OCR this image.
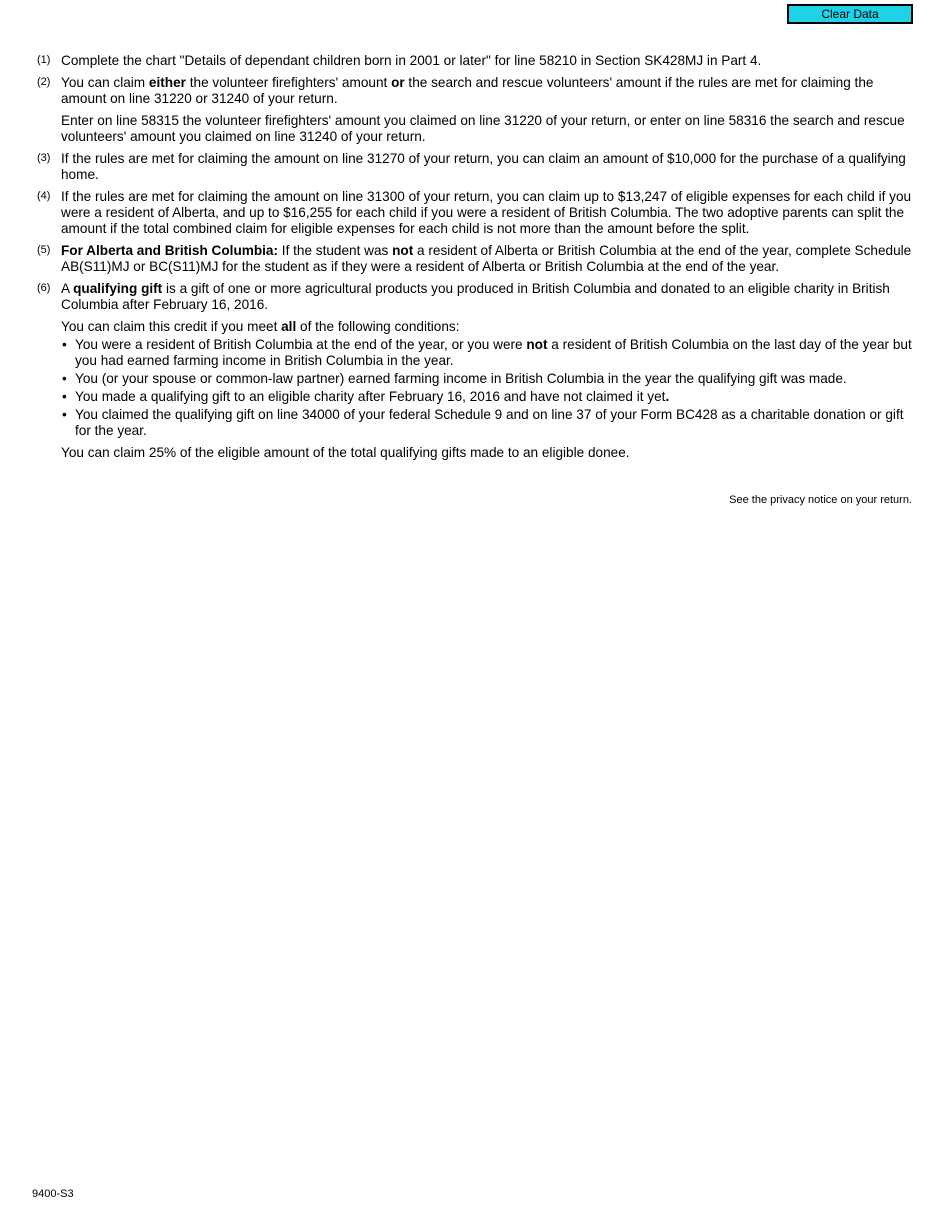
Clear Data
(1) Complete the chart "Details of dependant children born in 2001 or later" for line 58210 in Section SK428MJ in Part 4.

(2) You can claim either the volunteer firefighters' amount or the search and rescue volunteers' amount if the rules are met for claiming the amount on line 31220 or 31240 of your return.

Enter on line 58315 the volunteer firefighters' amount you claimed on line 31220 of your return, or enter on line 58316 the search and rescue volunteers' amount you claimed on line 31240 of your return.

(3) If the rules are met for claiming the amount on line 31270 of your return, you can claim an amount of $10,000 for the purchase of a qualifying home.

(4) If the rules are met for claiming the amount on line 31300 of your return, you can claim up to $13,247 of eligible expenses for each child if you were a resident of Alberta, and up to $16,255 for each child if you were a resident of British Columbia. The two adoptive parents can split the amount if the total combined claim for eligible expenses for each child is not more than the amount before the split.

(5) For Alberta and British Columbia: If the student was not a resident of Alberta or British Columbia at the end of the year, complete Schedule AB(S11)MJ or BC(S11)MJ for the student as if they were a resident of Alberta or British Columbia at the end of the year.

(6) A qualifying gift is a gift of one or more agricultural products you produced in British Columbia and donated to an eligible charity in British Columbia after February 16, 2016.

You can claim this credit if you meet all of the following conditions:

• You were a resident of British Columbia at the end of the year, or you were not a resident of British Columbia on the last day of the year but you had earned farming income in British Columbia in the year.
• You (or your spouse or common-law partner) earned farming income in British Columbia in the year the qualifying gift was made.
• You made a qualifying gift to an eligible charity after February 16, 2016 and have not claimed it yet.
• You claimed the qualifying gift on line 34000 of your federal Schedule 9 and on line 37 of your Form BC428 as a charitable donation or gift for the year.

You can claim 25% of the eligible amount of the total qualifying gifts made to an eligible donee.

See the privacy notice on your return.
9400-S3
